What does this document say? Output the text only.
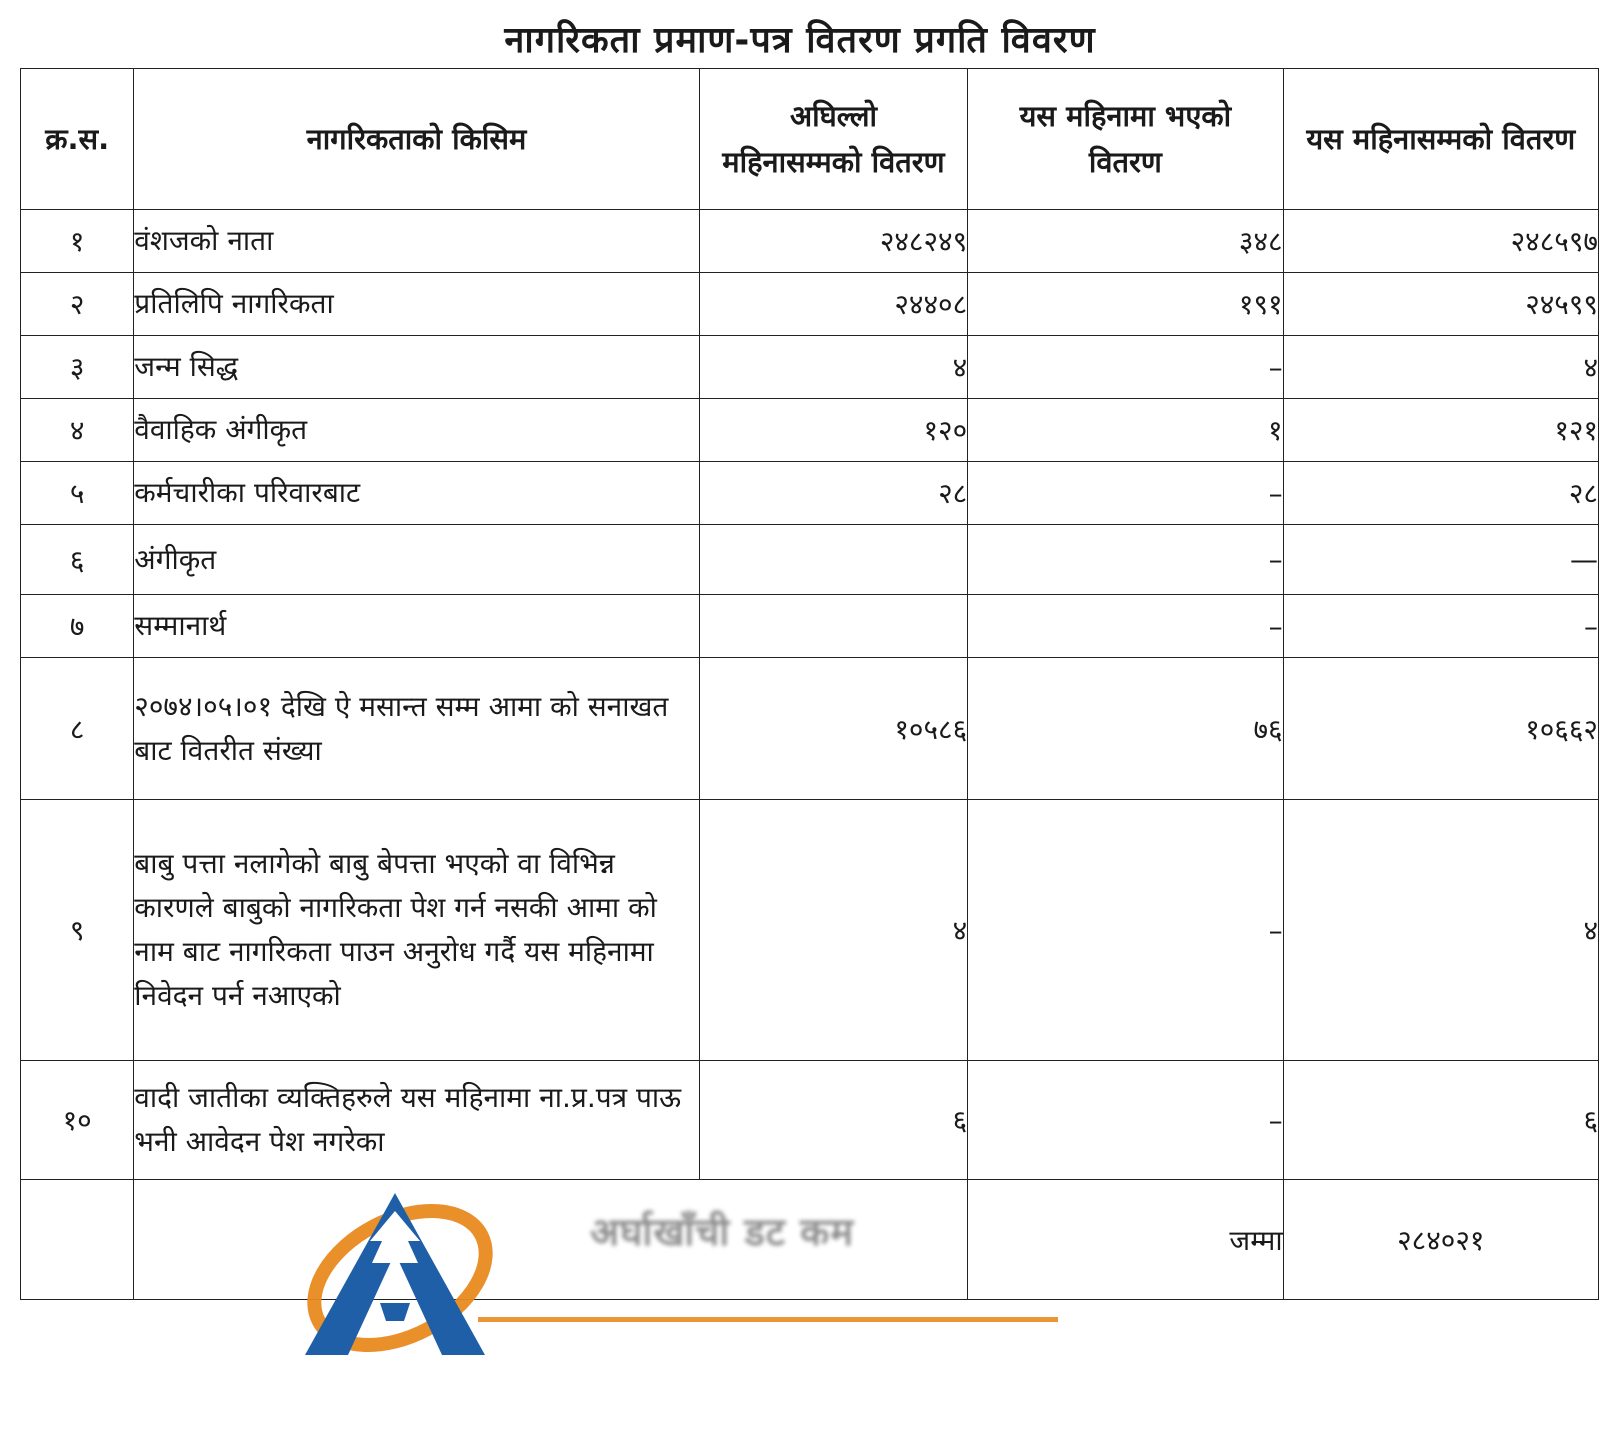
नागरिकता प्रमाण-पत्र वितरण प्रगति विवरण
क्र.स.	नागरिकताको किसिम	अघिल्लो महिनासम्मको वितरण	यस महिनामा भएको वितरण	यस महिनासम्मको वितरण
१	वंशजको नाता	२४८२४९	३४८	२४८५९७
२	प्रतिलिपि नागरिकता	२४४०८	१९१	२४५९९
३	जन्म सिद्ध	४	–	४
४	वैवाहिक अंगीकृत	१२०	१	१२१
५	कर्मचारीका परिवारबाट	२८	–	२८
६	अंगीकृत		–	—
७	सम्मानार्थ		–	–
८	२०७४।०५।०१ देखि ऐ मसान्त सम्म आमा को सनाखत बाट वितरीत संख्या	१०५८६	७६	१०६६२
९	बाबु पत्ता नलागेको बाबु बेपत्ता भएको वा विभिन्न कारणले बाबुको नागरिकता पेश गर्न नसकी आमा को नाम बाट नागरिकता पाउन अनुरोध गर्दै यस महिनामा निवेदन पर्न नआएको	४	–	४
१०	वादी जातीका व्यक्तिहरुले यस महिनामा ना.प्र.पत्र पाऊ भनी आवेदन पेश नगरेका	६	–	६
			जम्मा	२८४०२१
अर्घाखाँची डट कम
